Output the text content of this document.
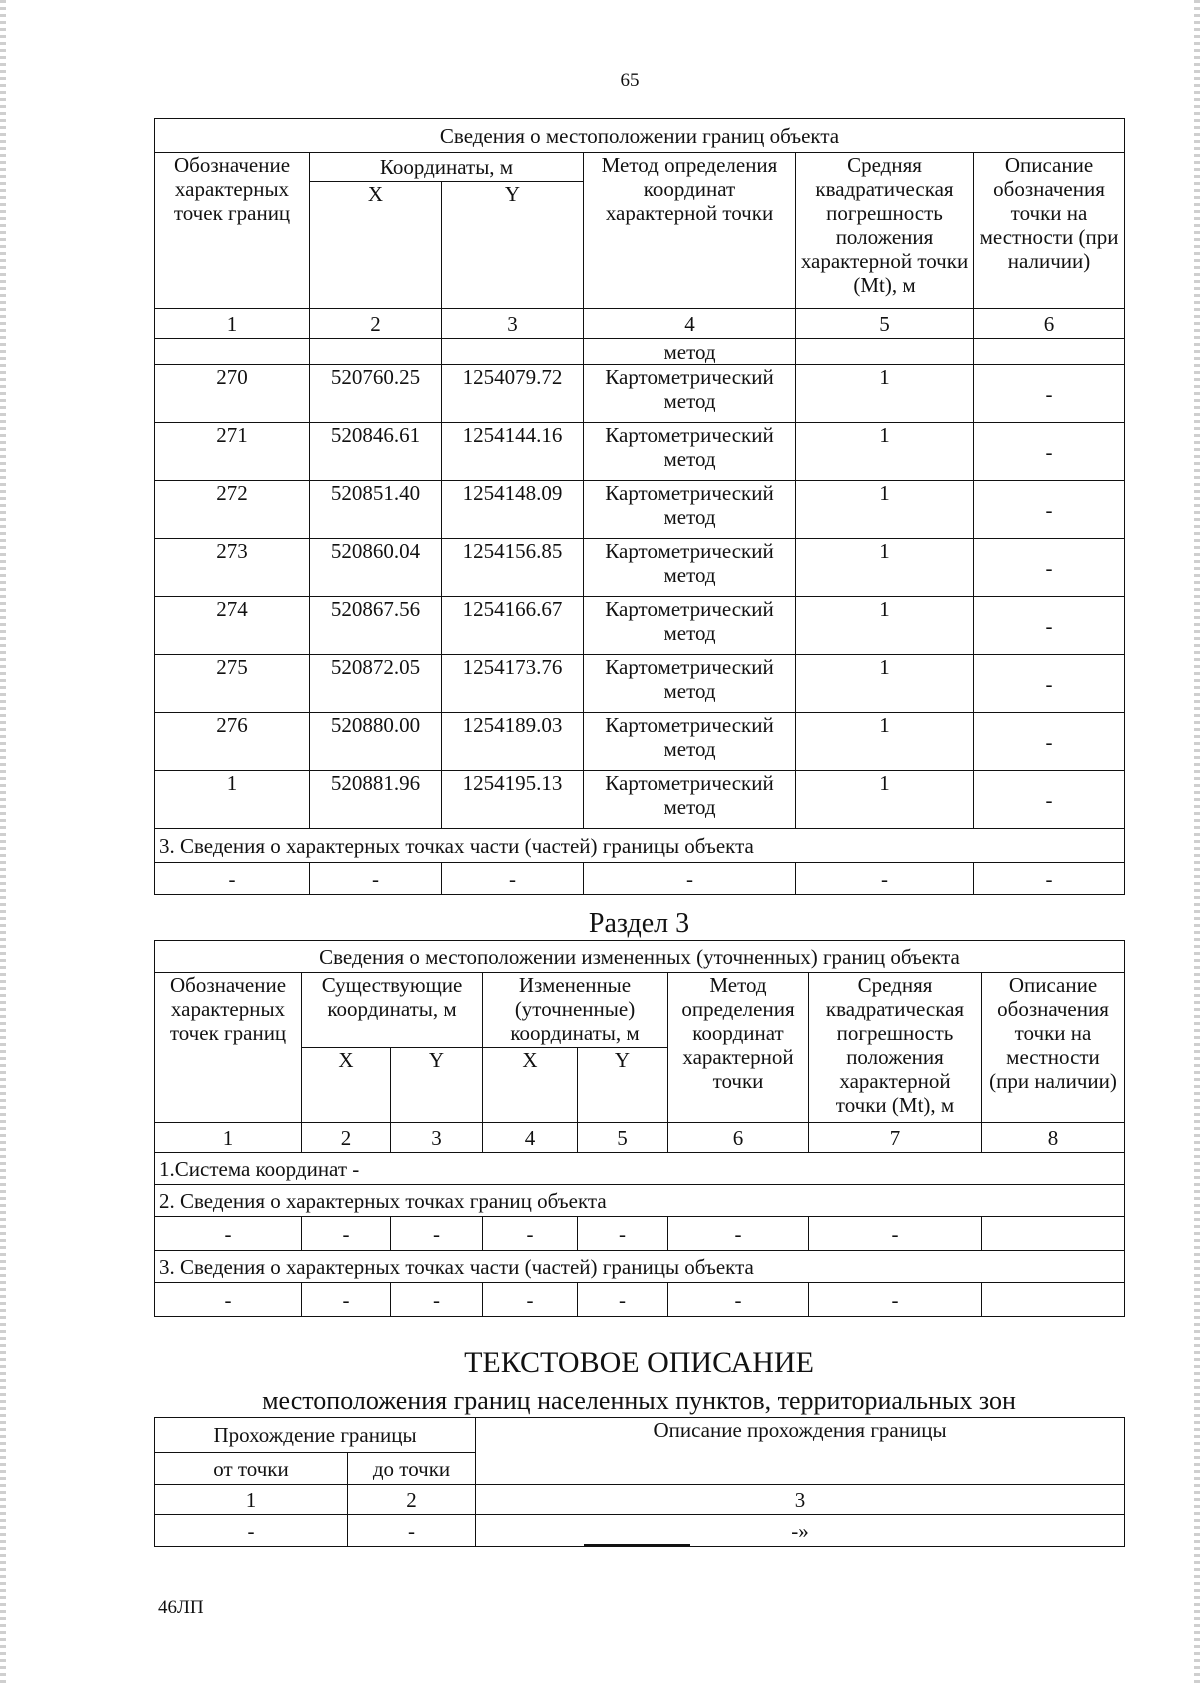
65
Сведения о местоположении границ объекта					
Обозначение характерных точек границ	Координаты, м		Метод определения координат характерной точки	Средняя квадратическая погрешность положения характерной точки (Mt), м	Описание обозначения точки на местности (при наличии)
	X	Y			
1	2	3	4	5	6
			метод		
270	520760.25	1254079.72	Картометрический метод	1	-
271	520846.61	1254144.16	Картометрический метод	1	-
272	520851.40	1254148.09	Картометрический метод	1	-
273	520860.04	1254156.85	Картометрический метод	1	-
274	520867.56	1254166.67	Картометрический метод	1	-
275	520872.05	1254173.76	Картометрический метод	1	-
276	520880.00	1254189.03	Картометрический метод	1	-
1	520881.96	1254195.13	Картометрический метод	1	-
3. Сведения о характерных точках части (частей) границы объекта					
-	-	-	-	-	-
Раздел 3
Сведения о местоположении измененных (уточненных) границ объекта							
Обозначение характерных точек границ	Существующие координаты, м		Измененные (уточненные) координаты, м		Метод определения координат характерной точки	Средняя квадратическая погрешность положения характерной точки (Mt), м	Описание обозначения точки на местности (при наличии)
	X	Y	X	Y			
1	2	3	4	5	6	7	8
1.Система координат -							
2. Сведения о характерных точках границ объекта							
-	-	-	-	-	-	-	
3. Сведения о характерных точках части (частей) границы объекта							
-	-	-	-	-	-	-	
ТЕКСТОВОЕ ОПИСАНИЕ
местоположения границ населенных пунктов, территориальных зон
Прохождение границы		Описание прохождения границы
от точки	до точки	
1	2	3
-	-	-»
46ЛП
